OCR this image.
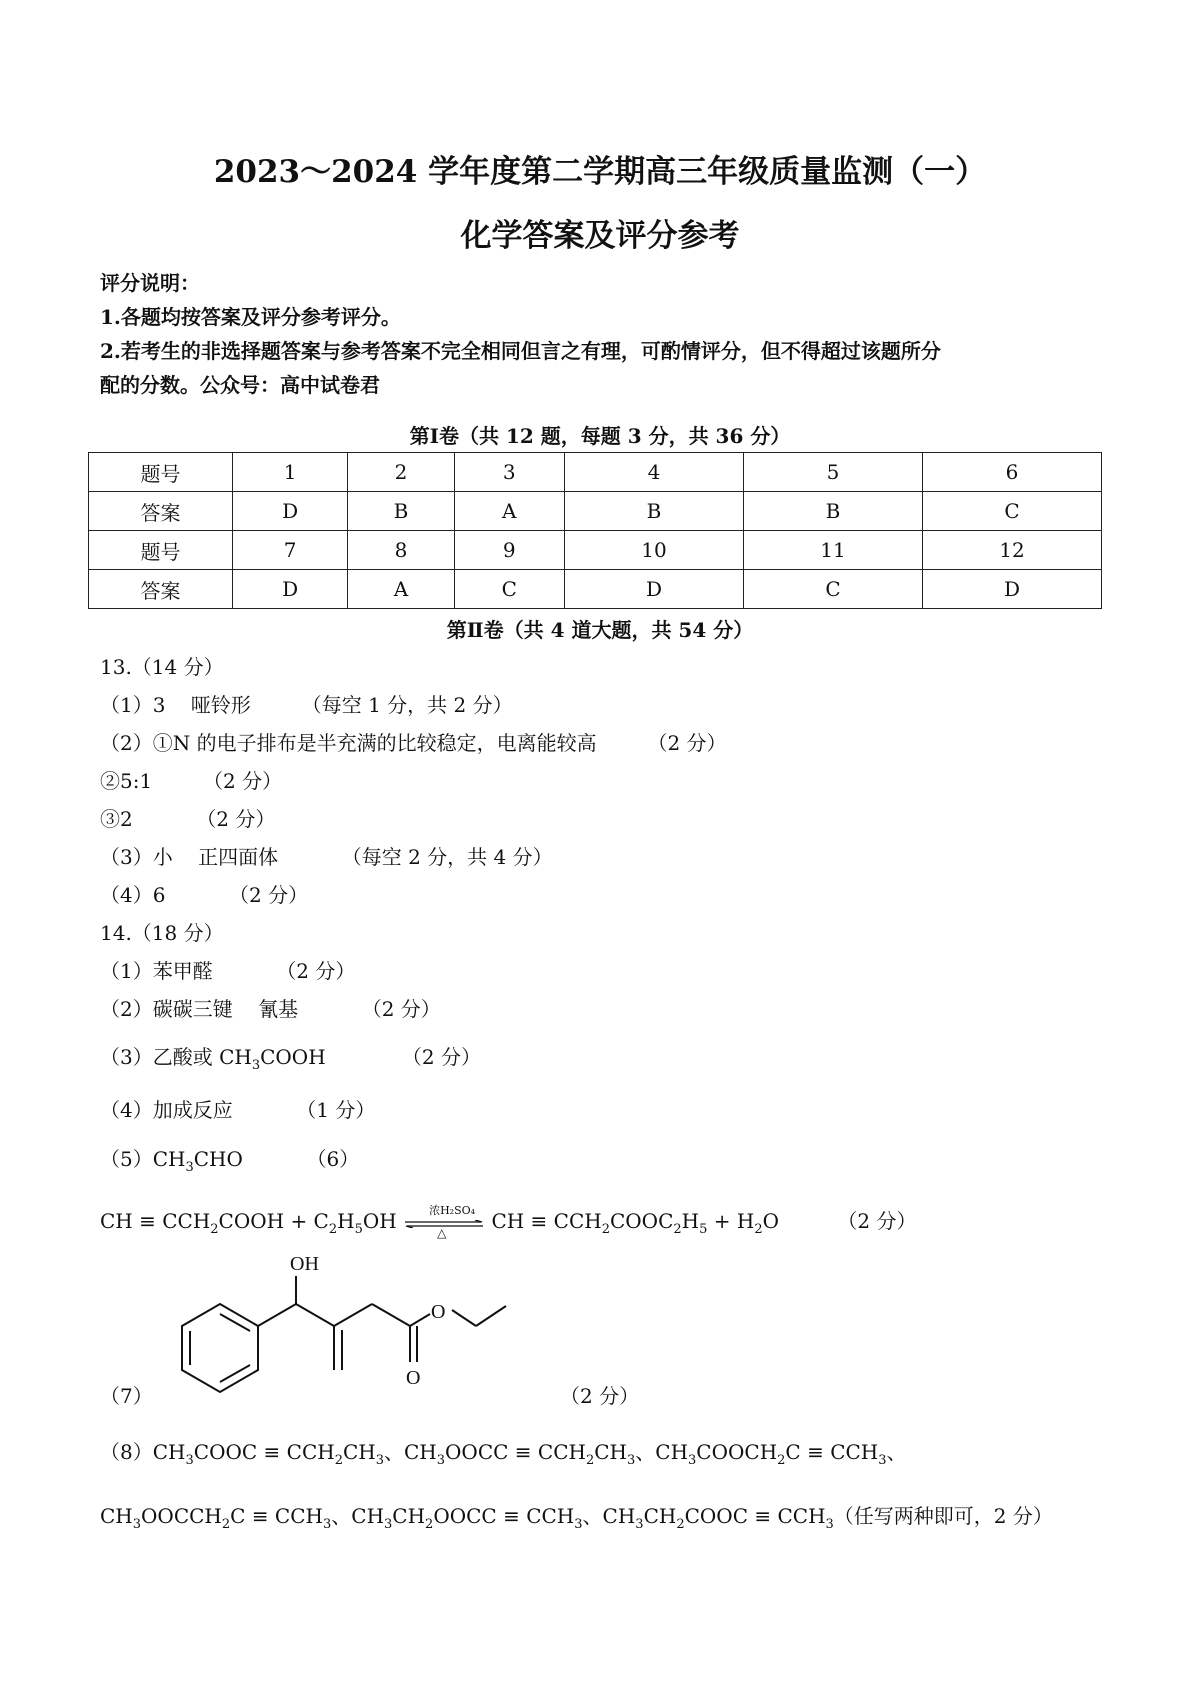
2023～2024 学年度第二学期高三年级质量监测（一）
化学答案及评分参考
评分说明：
1.各题均按答案及评分参考评分。
2.若考生的非选择题答案与参考答案不完全相同但言之有理，可酌情评分，但不得超过该题所分
配的分数。公众号：高中试卷君
第Ⅰ卷（共 12 题，每题 3 分，共 36 分）
题号	1	2	3	4	5	6
答案	D	B	A	B	B	C
题号	7	8	9	10	11	12
答案	D	A	C	D	C	D
第Ⅱ卷（共 4 道大题，共 54 分）
13.（14 分）
（1）3    哑铃形        （每空 1 分，共 2 分）
（2）①N 的电子排布是半充满的比较稳定，电离能较高        （2 分）
②5:1        （2 分）
③2          （2 分）
（3）小    正四面体          （每空 2 分，共 4 分）
（4）6          （2 分）
14.（18 分）
（1）苯甲醛          （2 分）
（2）碳碳三键    氰基          （2 分）
（3）乙酸或 $CH_3COOH$            （2 分）
（4）加成反应          （1 分）
$(5)CH_3CHO$          （6）
CH ≡ $CCH_2COOH + C_2H_5OH$	浓H₂SO₄
△ CH ≡ $CCH_2COOC_2H_5 + H_2O$	（2 分）
（7）
OH
O
O
（2 分）
$(8)CH_3COOC \equiv CCH_2CH_3$、$CH_3OOCC \equiv CCH_2CH_3$、$CH_3COOCH_2C \equiv CCH_3$、
$CH_3OOCCH_2C \equiv CCH_3$、$CH_3CH_2OOCC \equiv CCH_3$、$CH_3CH_2COOC \equiv CCH_3$（任写两种即可，2 分）
